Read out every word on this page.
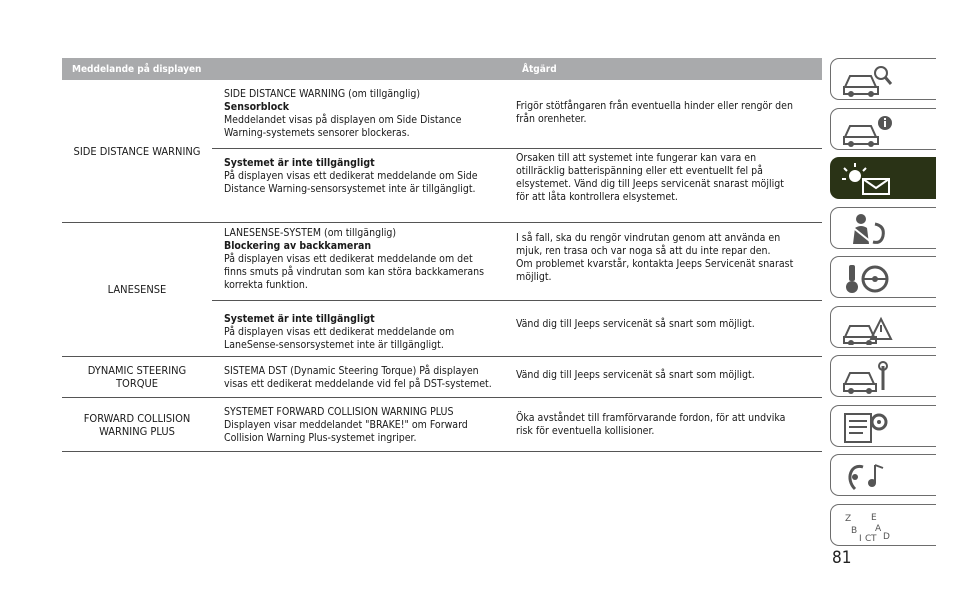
Meddelande på displayen	Åtgärd
SIDE DISTANCE WARNING
SIDE DISTANCE WARNING (om tillgänglig)
Sensorblock
Meddelandet visas på displayen om Side Distance
Warning-systemets sensorer blockeras.
Frigör stötfångaren från eventuella hinder eller rengör den
från orenheter.
Systemet är inte tillgängligt
På displayen visas ett dedikerat meddelande om Side
Distance Warning-sensorsystemet inte är tillgängligt.
Orsaken till att systemet inte fungerar kan vara en
otillräcklig batterispänning eller ett eventuellt fel på
elsystemet. Vänd dig till Jeeps servicenät snarast möjligt
för att låta kontrollera elsystemet.
LANESENSE
LANESENSE-SYSTEM (om tillgänglig)
Blockering av backkameran
På displayen visas ett dedikerat meddelande om det
finns smuts på vindrutan som kan störa backkamerans
korrekta funktion.
I så fall, ska du rengör vindrutan genom att använda en
mjuk, ren trasa och var noga så att du inte repar den.
Om problemet kvarstår, kontakta Jeeps Servicenät snarast
möjligt.
Systemet är inte tillgängligt
På displayen visas ett dedikerat meddelande om
LaneSense-sensorsystemet inte är tillgängligt.
Vänd dig till Jeeps servicenät så snart som möjligt.
DYNAMIC STEERING TORQUE
SISTEMA DST (Dynamic Steering Torque) På displayen
visas ett dedikerat meddelande vid fel på DST-systemet.
Vänd dig till Jeeps servicenät så snart som möjligt.
FORWARD COLLISION WARNING PLUS
SYSTEMET FORWARD COLLISION WARNING PLUS
Displayen visar meddelandet "BRAKE!" om Forward
Collision Warning Plus-systemet ingriper.
Öka avståndet till framförvarande fordon, för att undvika
risk för eventuella kollisioner.
Z E
B A
I C T D
81
